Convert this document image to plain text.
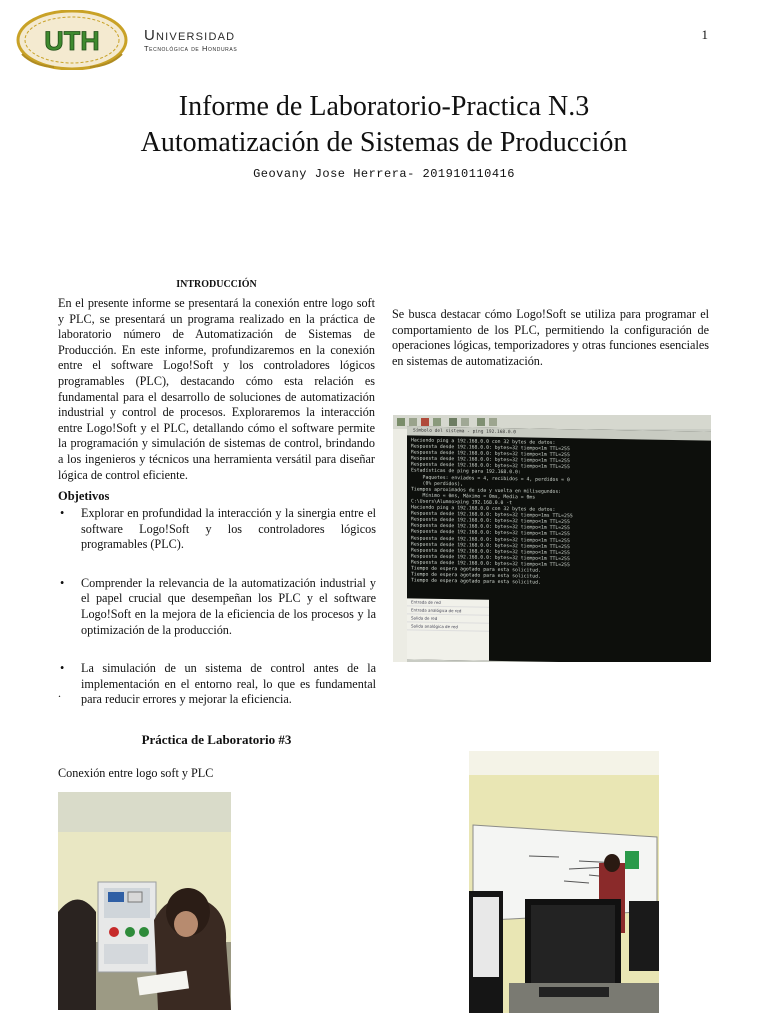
UTH	Universidad
Tecnológica de Honduras
1
Informe de Laboratorio-Practica N.3
Automatización de Sistemas de Producción
Geovany Jose Herrera- 201910110416
INTRODUCCIÓN
En el presente informe se presentará la conexión entre logo soft y PLC, se presentará un programa realizado en la práctica de laboratorio número de Automatización de Sistemas de Producción. En este informe, profundizaremos en la conexión entre el software Logo!Soft y los controladores lógicos programables (PLC), destacando cómo esta relación es fundamental para el desarrollo de soluciones de automatización industrial y control de procesos. Exploraremos la interacción entre Logo!Soft y el PLC, detallando cómo el software permite la programación y simulación de sistemas de control, brindando a los ingenieros y técnicos una herramienta versátil para diseñar lógica de control eficiente.
Se busca destacar cómo Logo!Soft se utiliza para programar el comportamiento de los PLC, permitiendo la configuración de operaciones lógicas, temporizadores y otras funciones esenciales en sistemas de automatización.
Objetivos
• Explorar en profundidad la interacción y la sinergia entre el software Logo!Soft y los controladores lógicos programables (PLC).
• Comprender la relevancia de la automatización industrial y el papel crucial que desempeñan los PLC y el software Logo!Soft en la mejora de la eficiencia de los procesos y la optimización de la producción.
• La simulación de un sistema de control antes de la implementación en el entorno real, lo que es fundamental para reducir errores y mejorar la eficiencia.
.
Práctica de Laboratorio #3
Conexión entre logo soft y PLC
Símbolo del sistema - ping 192.168.0.0
Haciendo ping a 192.168.0.0 con 32 bytes de datos:
Respuesta desde 192.168.0.0: bytes=32 tiempo<1m TTL=255
Respuesta desde 192.168.0.0: bytes=32 tiempo<1m TTL=255
Respuesta desde 192.168.0.0: bytes=32 tiempo<1m TTL=255
Respuesta desde 192.168.0.0: bytes=32 tiempo<1m TTL=255
Estadísticas de ping para 192.168.0.0:
Paquetes: enviados = 4, recibidos = 4, perdidos = 0
(0% perdidos),
Tiempos aproximados de ida y vuelta en milisegundos:
Mínimo = 0ms, Máximo = 0ms, Media = 0ms
C:\Users\Alumno>ping 192.168.0.0 -t
Haciendo ping a 192.168.0.0 con 32 bytes de datos:
Respuesta desde 192.168.0.0: bytes=32 tiempo=1ms TTL=255
Respuesta desde 192.168.0.0: bytes=32 tiempo<1m TTL=255
Respuesta desde 192.168.0.0: bytes=32 tiempo<1m TTL=255
Respuesta desde 192.168.0.0: bytes=32 tiempo<1m TTL=255
Respuesta desde 192.168.0.0: bytes=32 tiempo<1m TTL=255
Respuesta desde 192.168.0.0: bytes=32 tiempo<1m TTL=255
Respuesta desde 192.168.0.0: bytes=32 tiempo<1m TTL=255
Respuesta desde 192.168.0.0: bytes=32 tiempo<1m TTL=255
Respuesta desde 192.168.0.0: bytes=32 tiempo<1m TTL=255
Tiempo de espera agotado para esta solicitud.
Tiempo de espera agotado para esta solicitud.
Tiempo de espera agotado para esta solicitud.
Entrada de red
Entrada analógica de red
Salida de red
Salida analógica de red
